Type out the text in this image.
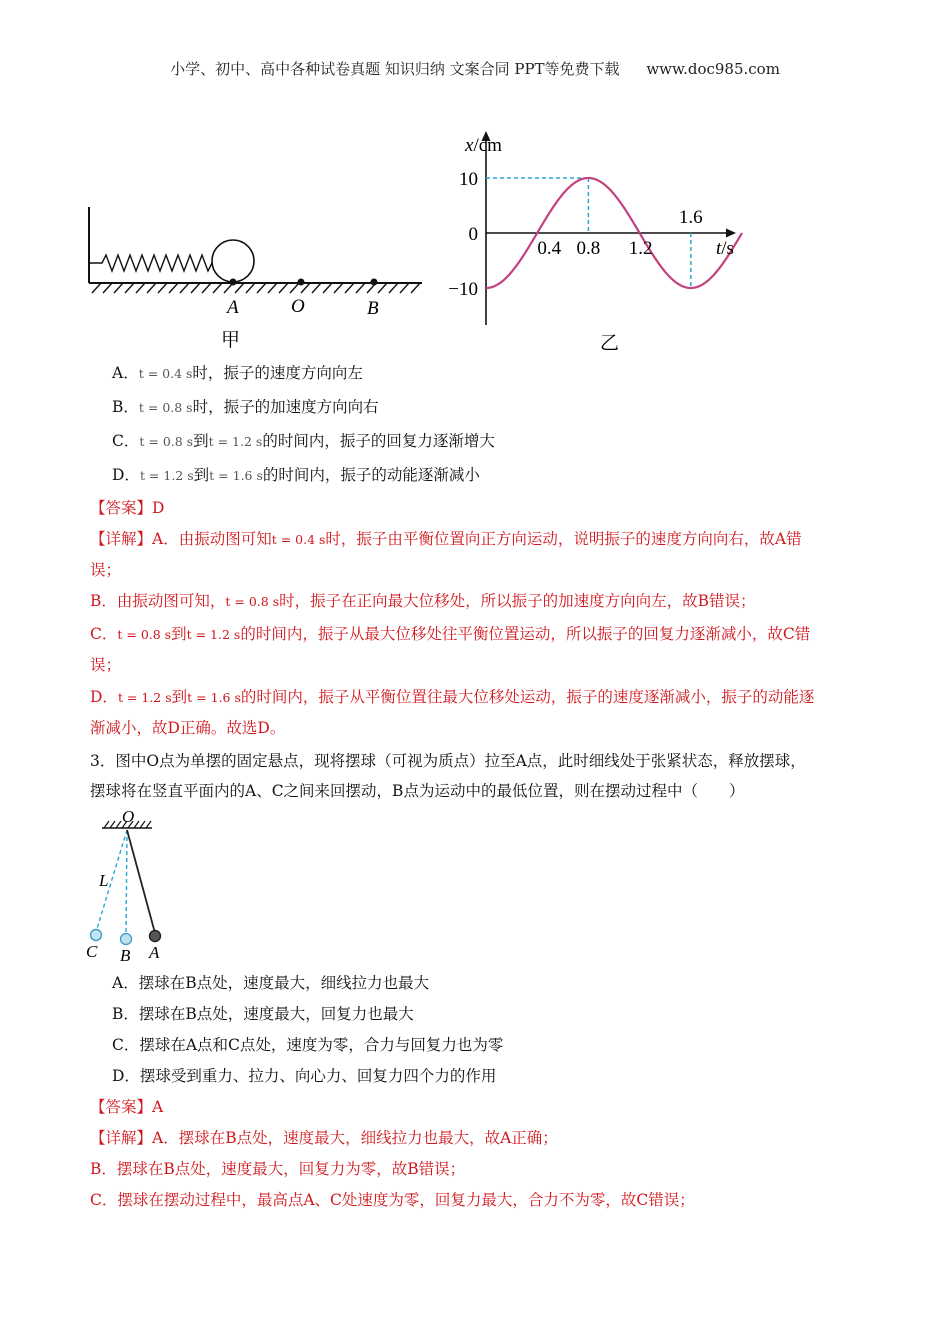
小学、初中、高中各种试卷真题 知识归纳 文案合同 PPT等免费下载 www.doc985.com
A	O	B
甲
0.4 0.8 1.2
1.6
10
0
−10
x/cm
t/s
乙
A．t = 0.4 s时，振子的速度方向向左
B．t = 0.8 s时，振子的加速度方向向右
C．t = 0.8 s到t = 1.2 s的时间内，振子的回复力逐渐增大
D．t = 1.2 s到t = 1.6 s的时间内，振子的动能逐渐减小
【答案】D
【详解】A．由振动图可知t = 0.4 s时，振子由平衡位置向正方向运动，说明振子的速度方向向右，故A错
误；
B．由振动图可知，t = 0.8 s时，振子在正向最大位移处，所以振子的加速度方向向左，故B错误；
C．t = 0.8 s到t = 1.2 s的时间内，振子从最大位移处往平衡位置运动，所以振子的回复力逐渐减小，故C错
误；
D．t = 1.2 s到t = 1.6 s的时间内，振子从平衡位置往最大位移处运动，振子的速度逐渐减小，振子的动能逐
渐减小，故D正确。故选D。
3．图中O点为单摆的固定悬点，现将摆球（可视为质点）拉至A点，此时细线处于张紧状态，释放摆球，
摆球将在竖直平面内的A、C之间来回摆动，B点为运动中的最低位置，则在摆动过程中（　　）
O
L
C B A
A．摆球在B点处，速度最大，细线拉力也最大
B．摆球在B点处，速度最大，回复力也最大
C．摆球在A点和C点处，速度为零，合力与回复力也为零
D．摆球受到重力、拉力、向心力、回复力四个力的作用
【答案】A
【详解】A．摆球在B点处，速度最大，细线拉力也最大，故A正确；
B．摆球在B点处，速度最大，回复力为零，故B错误；
C．摆球在摆动过程中，最高点A、C处速度为零，回复力最大，合力不为零，故C错误；
